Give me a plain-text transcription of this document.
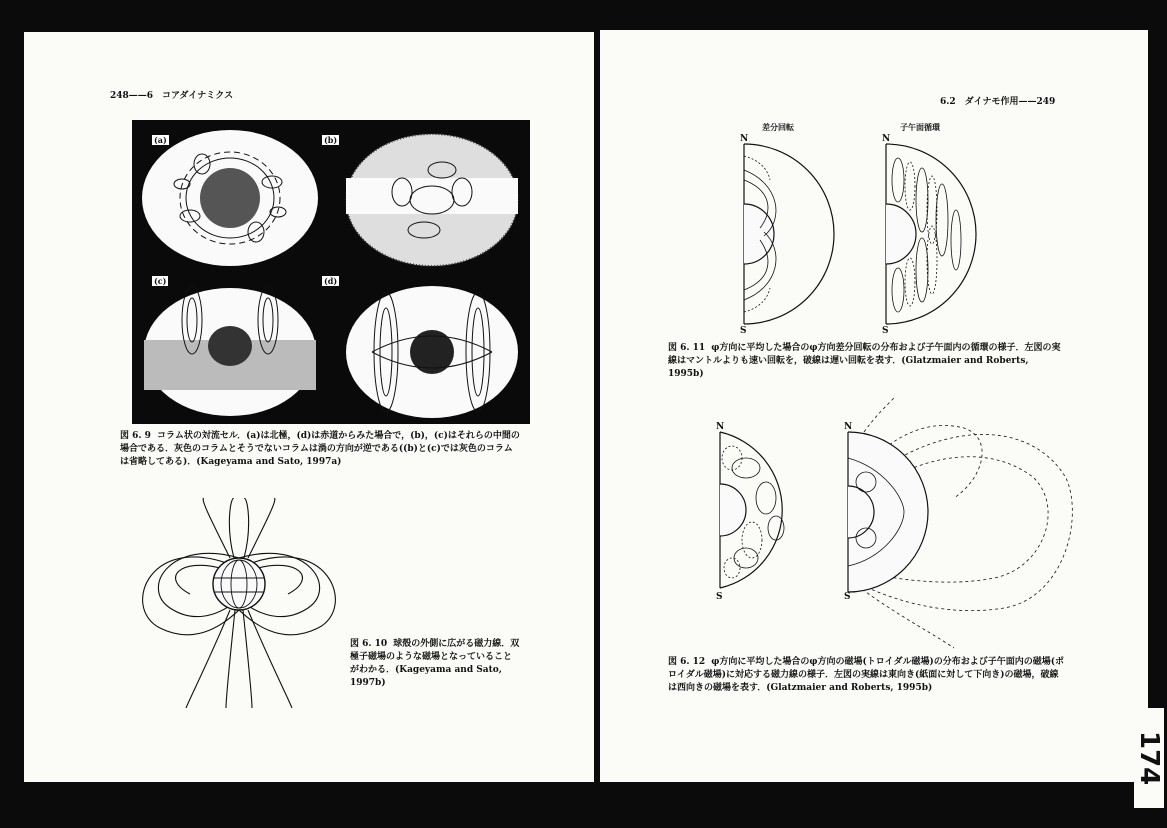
248——6　コアダイナミクス
(a)	(b)
(c)	(d)
図 6. 9 コラム状の対流セル．(a)は北極，(d)は赤道からみた場合で，(b)，(c)はそれらの中間の場合である．灰色のコラムとそうでないコラムは渦の方向が逆である((b)と(c)では灰色のコラムは省略してある)．(Kageyama and Sato, 1997a)
図 6. 10 球殻の外側に広がる磁力線．双極子磁場のような磁場となっていることがわかる．(Kageyama and Sato, 1997b)
6.2　ダイナモ作用——249
差分回転	子午面循環
N
S
N
S
図 6. 11 φ方向に平均した場合のφ方向差分回転の分布および子午面内の循環の様子．左図の実線はマントルよりも速い回転を，破線は遅い回転を表す．(Glatzmaier and Roberts, 1995b)
N
S
N
S
図 6. 12 φ方向に平均した場合のφ方向の磁場(トロイダル磁場)の分布および子午面内の磁場(ポロイダル磁場)に対応する磁力線の様子．左図の実線は東向き(紙面に対して下向き)の磁場，破線は西向きの磁場を表す．(Glatzmaier and Roberts, 1995b)
174
